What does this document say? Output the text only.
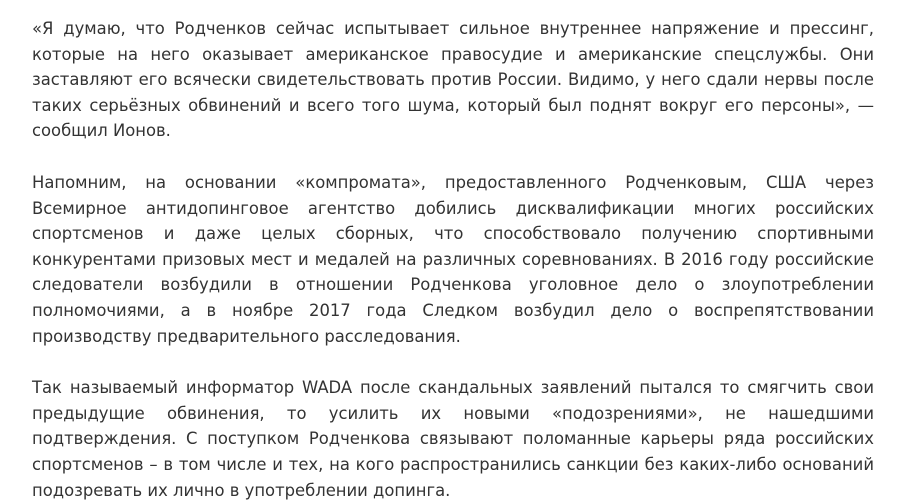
«Я думаю, что Родченков сейчас испытывает сильное внутреннее напряжение и прессинг, которые на него оказывает американское правосудие и американские спецслужбы. Они заставляют его всячески свидетельствовать против России. Видимо, у него сдали нервы после таких серьёзных обвинений и всего того шума, который был поднят вокруг его персоны», — сообщил Ионов.

Напомним, на основании «компромата», предоставленного Родченковым, США через Всемирное антидопинговое агентство добились дисквалификации многих российских спортсменов и даже целых сборных, что способствовало получению спортивными конкурентами призовых мест и медалей на различных соревнованиях. В 2016 году российские следователи возбудили в отношении Родченкова уголовное дело о злоупотреблении полномочиями, а в ноябре 2017 года Следком возбудил дело о воспрепятствовании производству предварительного расследования.

Так называемый информатор WADA после скандальных заявлений пытался то смягчить свои предыдущие обвинения, то усилить их новыми «подозрениями», не нашедшими подтверждения. С поступком Родченкова связывают поломанные карьеры ряда российских спортсменов – в том числе и тех, на кого распространились санкции без каких-либо оснований подозревать их лично в употреблении допинга.
